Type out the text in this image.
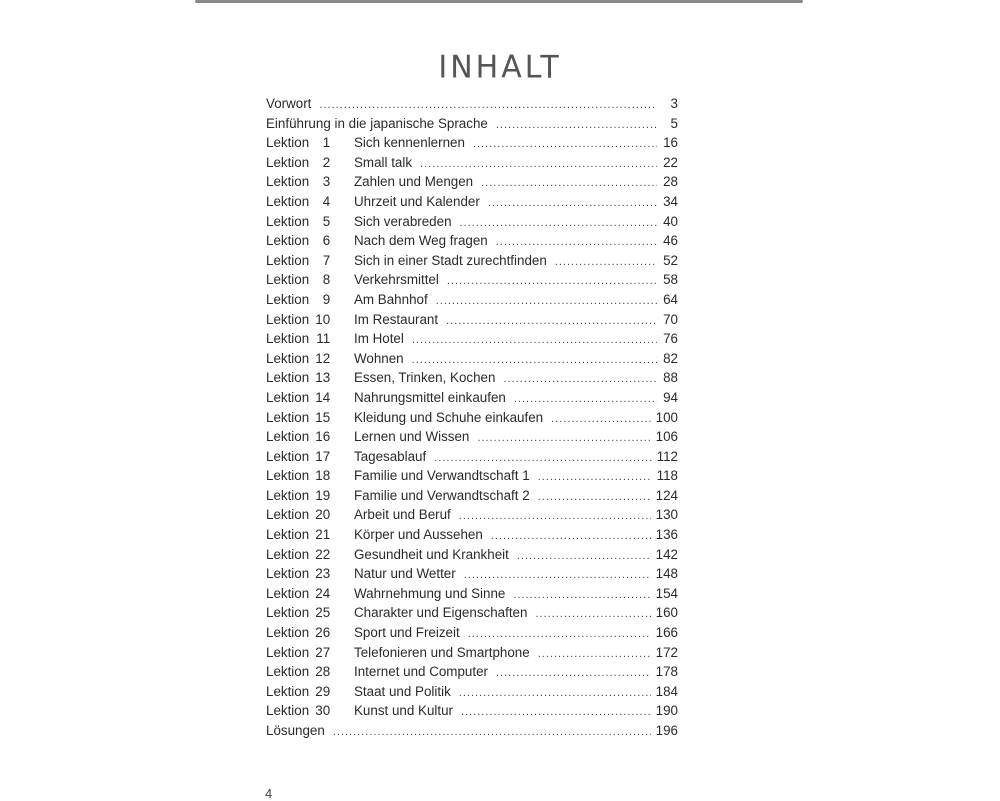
INHALT
Vorwort .....	3
Einführung in die japanische Sprache .....	5
Lektion	1 Sich kennenlernen .....	16
Lektion	2 Small talk .....	22
Lektion	3 Zahlen und Mengen .....	28
Lektion	4 Uhrzeit und Kalender .....	34
Lektion	5 Sich verabreden .....	40
Lektion	6 Nach dem Weg fragen .....	46
Lektion	7 Sich in einer Stadt zurechtfinden .....	52
Lektion	8 Verkehrsmittel .....	58
Lektion	9 Am Bahnhof .....	64
Lektion 10 Im Restaurant .....	70
Lektion 11 Im Hotel .....	76
Lektion 12 Wohnen .....	82
Lektion 13 Essen, Trinken, Kochen .....	88
Lektion 14 Nahrungsmittel einkaufen .....	94
Lektion 15 Kleidung und Schuhe einkaufen .....	100
Lektion 16 Lernen und Wissen .....	106
Lektion 17 Tagesablauf .....	112
Lektion 18 Familie und Verwandtschaft 1 .....	118
Lektion 19 Familie und Verwandtschaft 2 .....	124
Lektion 20 Arbeit und Beruf .....	130
Lektion 21 Körper und Aussehen .....	136
Lektion 22 Gesundheit und Krankheit .....	142
Lektion 23 Natur und Wetter .....	148
Lektion 24 Wahrnehmung und Sinne .....	154
Lektion 25 Charakter und Eigenschaften .....	160
Lektion 26 Sport und Freizeit .....	166
Lektion 27 Telefonieren und Smartphone .....	172
Lektion 28 Internet und Computer .....	178
Lektion 29 Staat und Politik .....	184
Lektion 30 Kunst und Kultur .....	190
Lösungen .....	196
4
